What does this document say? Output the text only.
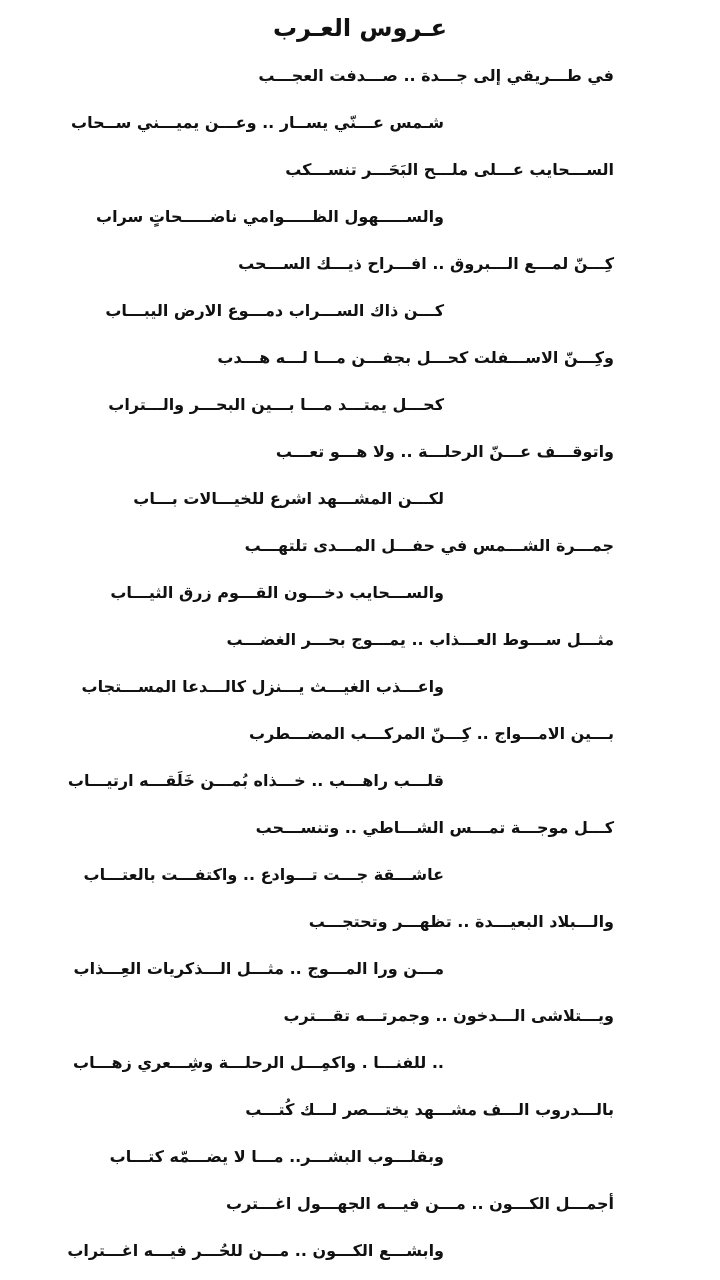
عـروس العـرب
في طـــريقي إلى جـــدة .. صـــدفت العجـــب
شـمس عـــنّي يســار .. وعـــن يميـــني ســحاب
الســـحايب عـــلى ملـــح البَحَـــر تنســـكب
والســـــهول الظـــــوامي ناضـــــحاتٍ سراب
كِـــنّ لمـــع الـــبروق .. افـــراح ذيـــك الســـحب
كـــن ذاك الســـراب دمـــوع الارض اليبـــاب
وكِـــنّ الاســـفلت كحـــل بجفـــن مـــا لـــه هـــدب
كحـــل يمتـــد مـــا بـــين البحـــر والـــتراب
واتوقـــف عـــنّ الرحلـــة .. ولا هـــو تعـــب
لكـــن المشـــهد اشرع للخيـــالات بـــاب
جمـــرة الشـــمس في حفـــل المـــدى تلتهـــب
والســـحايب دخـــون القـــوم زرق الثيـــاب
مثـــل ســـوط العـــذاب .. يمـــوج بحـــر الغضـــب
واعـــذب الغيـــث يـــنزل كالـــدعا المســـتجاب
بـــين الامـــواج .. كِـــنّ المركـــب المضـــطرب
قلـــب راهـــب .. خـــذاه بُمـــن خَلَقـــه ارتيـــاب
كـــل موجـــة تمـــس الشـــاطي .. وتنســـحب
عاشـــقة جـــت تـــوادع .. واكتفـــت بالعتـــاب
والـــبلاد البعيـــدة .. تظهـــر وتحتجـــب
مـــن ورا المـــوج .. مثـــل الـــذكريات العِـــذاب
ويـــتلاشى الـــدخون .. وجمرتـــه تقـــترب
.. للفنـــا . واكمِـــل الرحلـــة وشِـــعري زهـــاب
بالـــدروب الـــف مشـــهد يختـــصر لـــك كُتـــب
وبقلـــوب البشـــر.. مـــا لا يضـــمّه كتـــاب
أجمـــل الكـــون .. مـــن فيـــه الجهـــول اغـــترب
وابشـــع الكـــون .. مـــن للحُـــر فيـــه اغـــتراب
